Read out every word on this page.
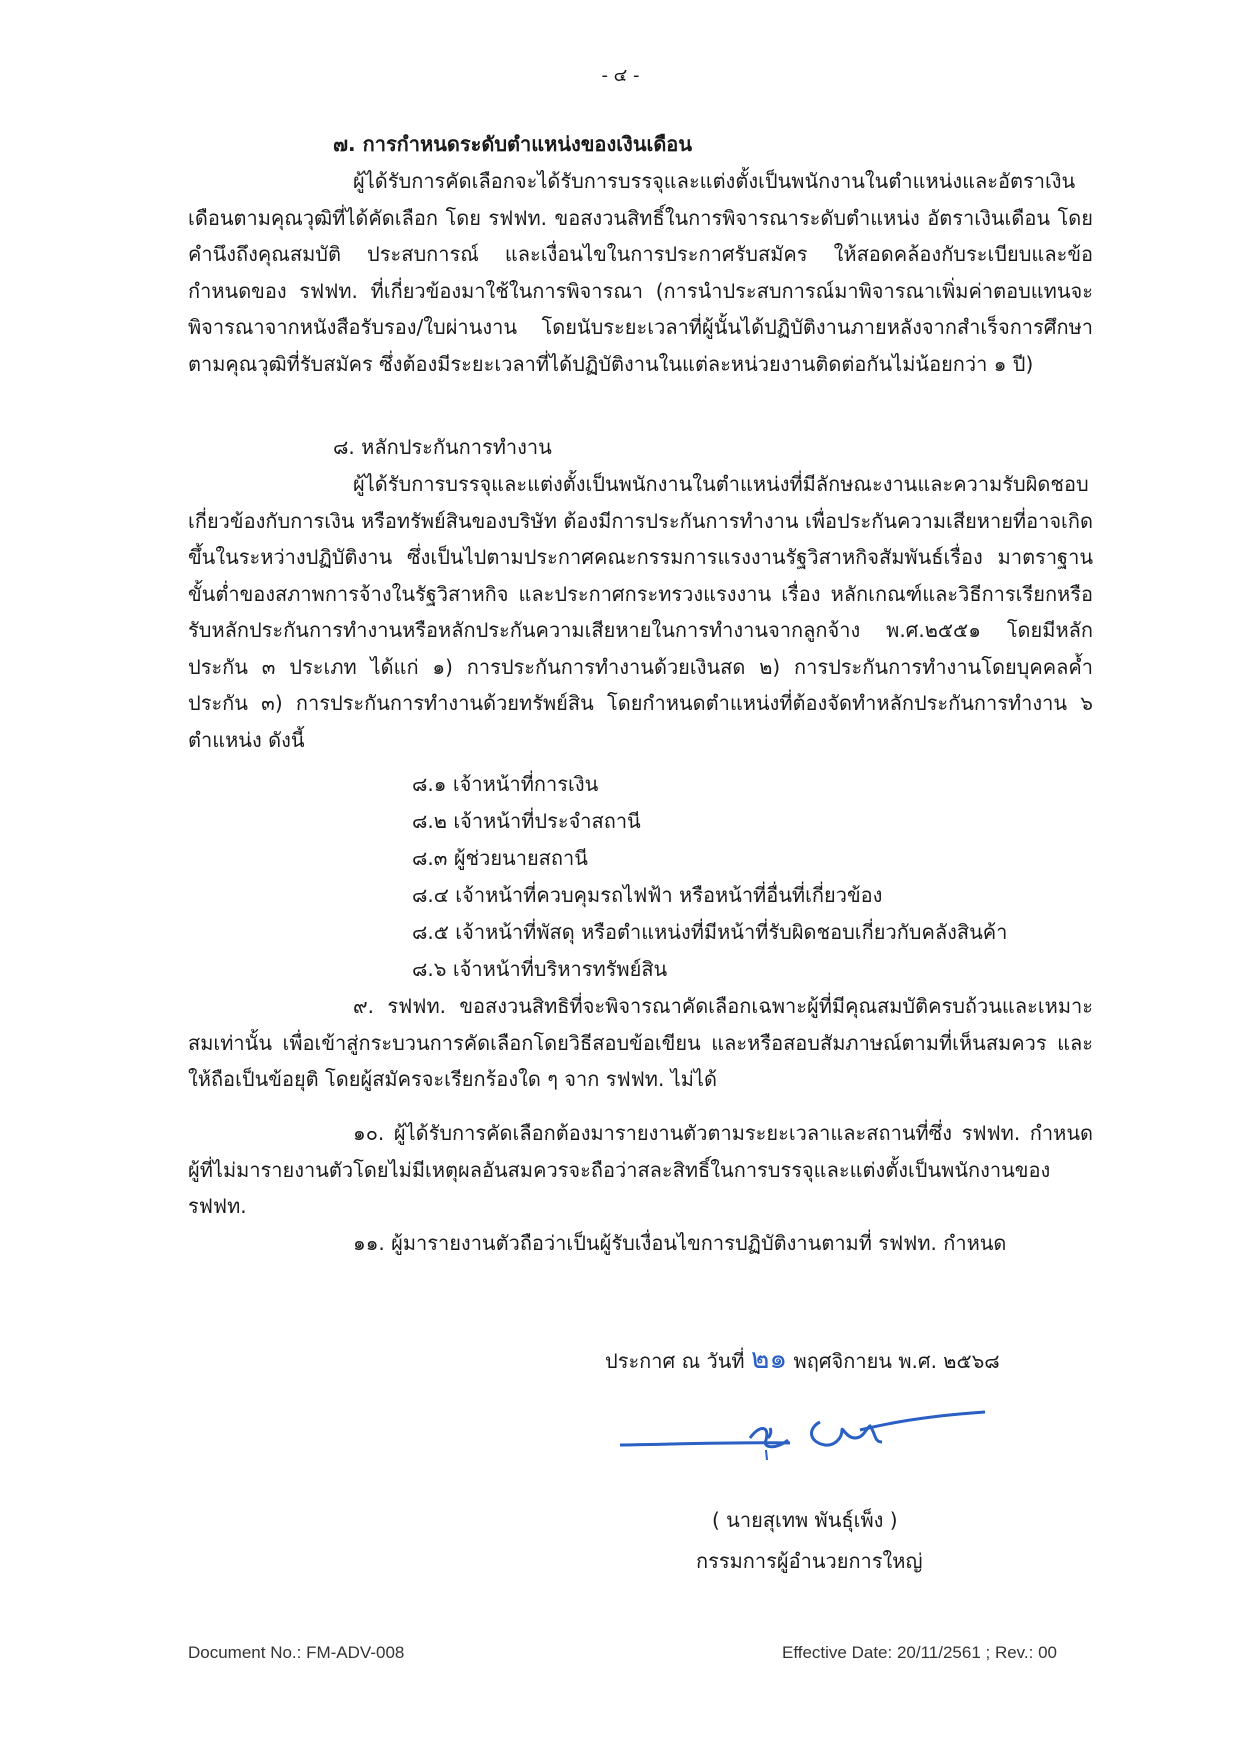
- ๔ -
๗. การกำหนดระดับตำแหน่งของเงินเดือน

ผู้ได้รับการคัดเลือกจะได้รับการบรรจุและแต่งตั้งเป็นพนักงานในตำแหน่งและอัตราเงินเดือนตามคุณวุฒิที่ได้คัดเลือก โดย รฟฟท. ขอสงวนสิทธิ์ในการพิจารณาระดับตำแหน่ง อัตราเงินเดือน โดยคำนึงถึงคุณสมบัติ ประสบการณ์ และเงื่อนไขในการประกาศรับสมัคร ให้สอดคล้องกับระเบียบและข้อกำหนดของ รฟฟท. ที่เกี่ยวข้องมาใช้ในการพิจารณา (การนำประสบการณ์มาพิจารณาเพิ่มค่าตอบแทนจะพิจารณาจากหนังสือรับรอง/ใบผ่านงาน โดยนับระยะเวลาที่ผู้นั้นได้ปฏิบัติงานภายหลังจากสำเร็จการศึกษาตามคุณวุฒิที่รับสมัคร ซึ่งต้องมีระยะเวลาที่ได้ปฏิบัติงานในแต่ละหน่วยงานติดต่อกันไม่น้อยกว่า ๑ ปี)

๘. หลักประกันการทำงาน

ผู้ได้รับการบรรจุและแต่งตั้งเป็นพนักงานในตำแหน่งที่มีลักษณะงานและความรับผิดชอบเกี่ยวข้องกับการเงิน หรือทรัพย์สินของบริษัท ต้องมีการประกันการทำงาน เพื่อประกันความเสียหายที่อาจเกิดขึ้นในระหว่างปฏิบัติงาน ซึ่งเป็นไปตามประกาศคณะกรรมการแรงงานรัฐวิสาหกิจสัมพันธ์เรื่อง มาตราฐานขั้นต่ำของสภาพการจ้างในรัฐวิสาหกิจ และประกาศกระทรวงแรงงาน เรื่อง หลักเกณฑ์และวิธีการเรียกหรือรับหลักประกันการทำงานหรือหลักประกันความเสียหายในการทำงานจากลูกจ้าง พ.ศ.๒๕๕๑ โดยมีหลักประกัน ๓ ประเภท ได้แก่ ๑) การประกันการทำงานด้วยเงินสด ๒) การประกันการทำงานโดยบุคคลค้ำประกัน ๓) การประกันการทำงานด้วยทรัพย์สิน โดยกำหนดตำแหน่งที่ต้องจัดทำหลักประกันการทำงาน ๖ ตำแหน่ง ดังนี้

๘.๑ เจ้าหน้าที่การเงิน
๘.๒ เจ้าหน้าที่ประจำสถานี
๘.๓ ผู้ช่วยนายสถานี
๘.๔ เจ้าหน้าที่ควบคุมรถไฟฟ้า หรือหน้าที่อื่นที่เกี่ยวข้อง
๘.๕ เจ้าหน้าที่พัสดุ หรือตำแหน่งที่มีหน้าที่รับผิดชอบเกี่ยวกับคลังสินค้า
๘.๖ เจ้าหน้าที่บริหารทรัพย์สิน

๙. รฟฟท. ขอสงวนสิทธิที่จะพิจารณาคัดเลือกเฉพาะผู้ที่มีคุณสมบัติครบถ้วนและเหมาะสมเท่านั้น เพื่อเข้าสู่กระบวนการคัดเลือกโดยวิธีสอบข้อเขียน และหรือสอบสัมภาษณ์ตามที่เห็นสมควร และให้ถือเป็นข้อยุติ โดยผู้สมัครจะเรียกร้องใด ๆ จาก รฟฟท. ไม่ได้

๑๐. ผู้ได้รับการคัดเลือกต้องมารายงานตัวตามระยะเวลาและสถานที่ซึ่ง รฟฟท. กำหนด ผู้ที่ไม่มารายงานตัวโดยไม่มีเหตุผลอันสมควรจะถือว่าสละสิทธิ์ในการบรรจุและแต่งตั้งเป็นพนักงานของ รฟฟท.

๑๑. ผู้มารายงานตัวถือว่าเป็นผู้รับเงื่อนไขการปฏิบัติงานตามที่ รฟฟท. กำหนด

ประกาศ ณ วันที่ ๒๑ พฤศจิกายน พ.ศ. ๒๕๖๘
( นายสุเทพ พันธุ์เพ็ง )
กรรมการผู้อำนวยการใหญ่
Document No.: FM-ADV-008	Effective Date: 20/11/2561 ; Rev.: 00
